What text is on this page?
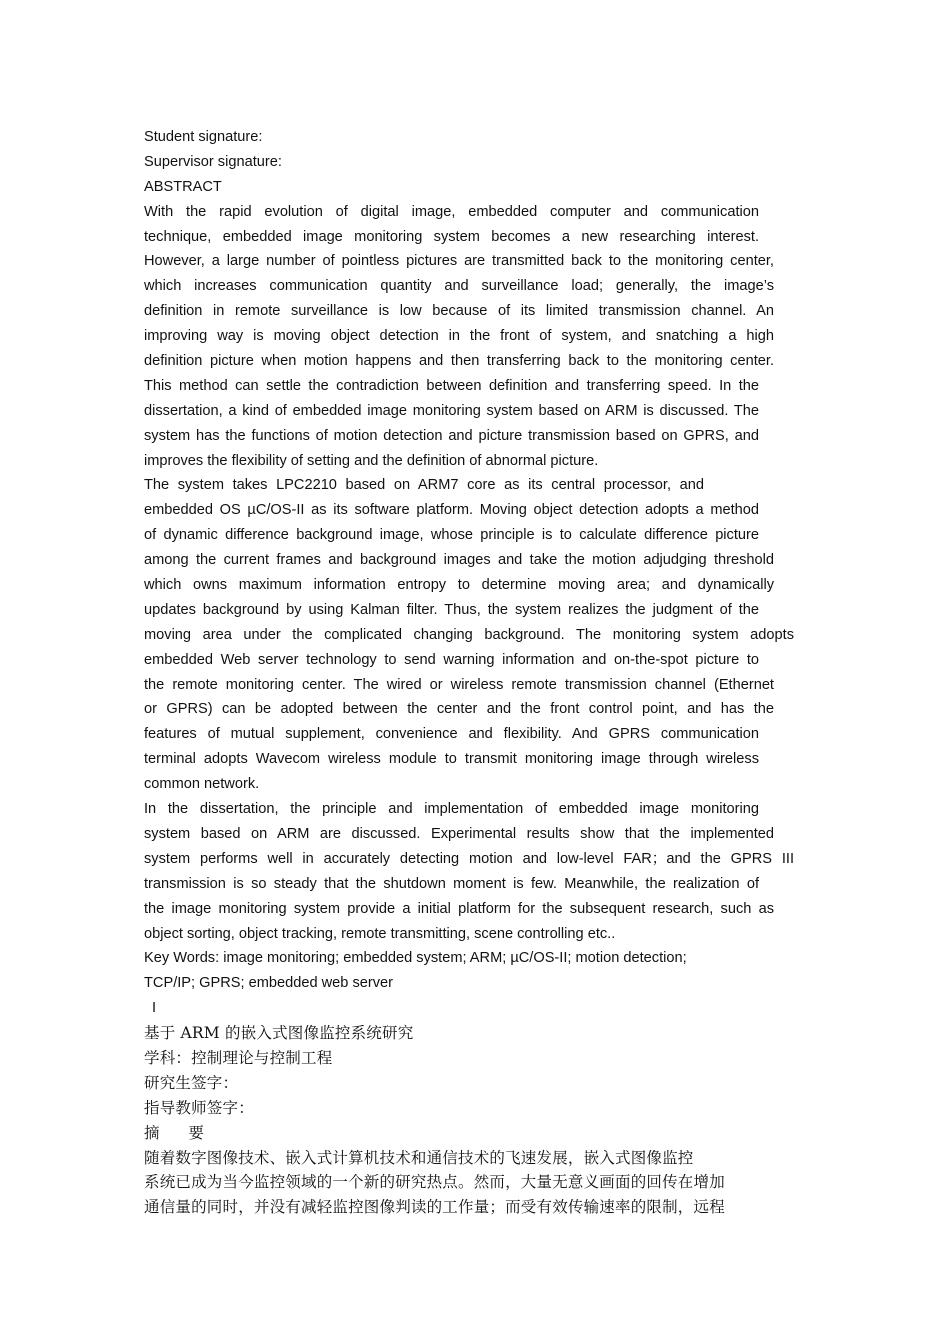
Student signature:
Supervisor signature:
ABSTRACT
With the rapid evolution of digital image, embedded computer and communication
technique, embedded image monitoring system becomes a new researching interest.
However, a large number of pointless pictures are transmitted back to the monitoring center,
which increases communication quantity and surveillance load; generally, the image’s
definition in remote surveillance is low because of its limited transmission channel. An
improving way is moving object detection in the front of system, and snatching a high
definition picture when motion happens and then transferring back to the monitoring center.
This method can settle the contradiction between definition and transferring speed. In the
dissertation, a kind of embedded image monitoring system based on ARM is discussed. The
system has the functions of motion detection and picture transmission based on GPRS, and
improves the flexibility of setting and the definition of abnormal picture.
The system takes LPC2210 based on ARM7 core as its central processor, and
embedded OS µC/OS-II as its software platform. Moving object detection adopts a method
of dynamic difference background image, whose principle is to calculate difference picture
among the current frames and background images and take the motion adjudging threshold
which owns maximum information entropy to determine moving area; and dynamically
updates background by using Kalman filter. Thus, the system realizes the judgment of the
moving area under the complicated changing background. The monitoring system adopts
embedded Web server technology to send warning information and on-the-spot picture to
the remote monitoring center. The wired or wireless remote transmission channel (Ethernet
or GPRS) can be adopted between the center and the front control point, and has the
features of mutual supplement, convenience and flexibility. And GPRS communication
terminal adopts Wavecom wireless module to transmit monitoring image through wireless
common network.
In the dissertation, the principle and implementation of embedded image monitoring
system based on ARM are discussed. Experimental results show that the implemented
system performs well in accurately detecting motion and low-level FAR；and the GPRS III
transmission is so steady that the shutdown moment is few. Meanwhile, the realization of
the image monitoring system provide a initial platform for the subsequent research, such as
object sorting, object tracking, remote transmitting, scene controlling etc..
Key Words: image monitoring; embedded system; ARM; µC/OS-II; motion detection;
TCP/IP; GPRS; embedded web server
I
基于 ARM 的嵌入式图像监控系统研究
学科：控制理论与控制工程
研究生签字：
指导教师签字：
摘 要
随着数字图像技术、嵌入式计算机技术和通信技术的飞速发展，嵌入式图像监控
系统已成为当今监控领域的一个新的研究热点。然而，大量无意义画面的回传在增加
通信量的同时，并没有减轻监控图像判读的工作量；而受有效传输速率的限制，远程
